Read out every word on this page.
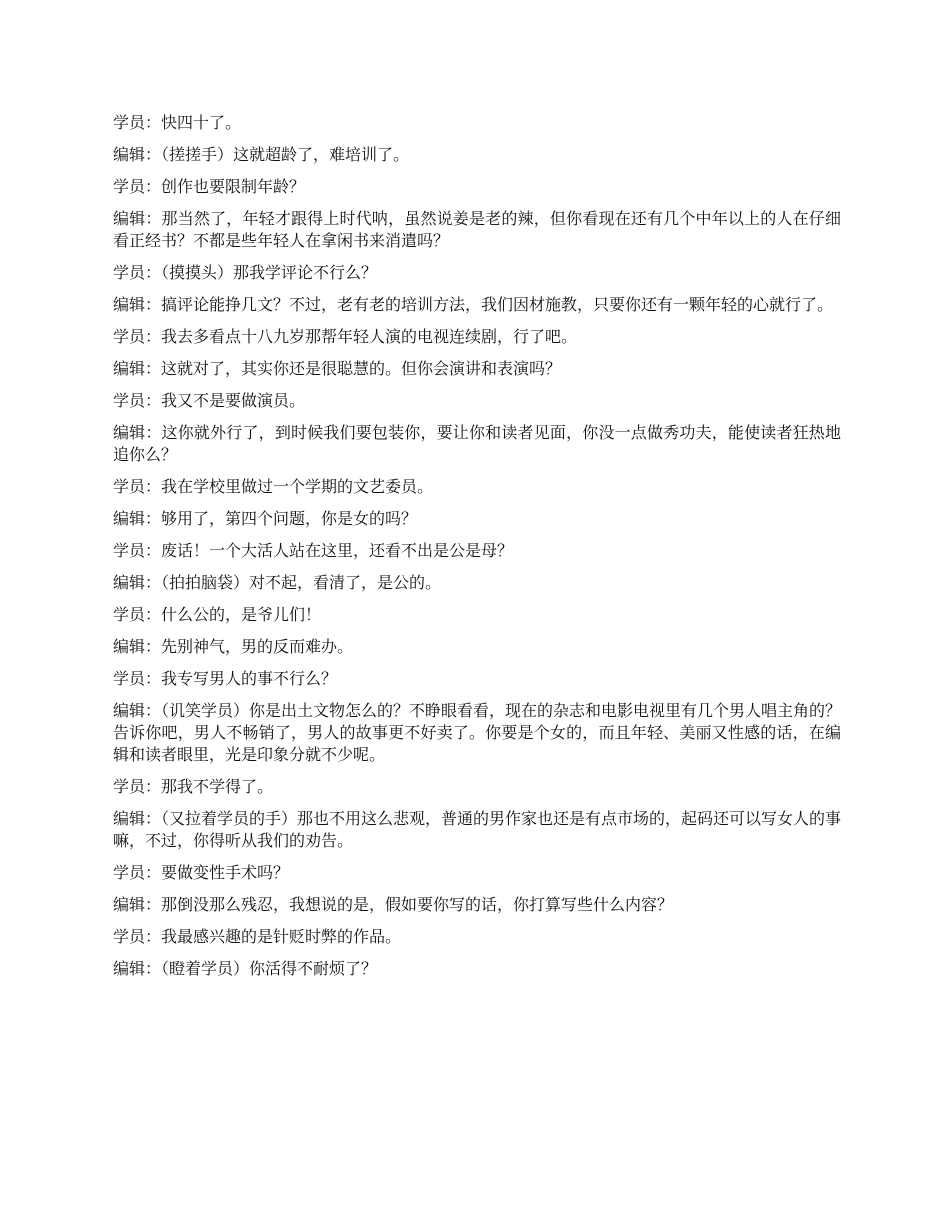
学员：快四十了。

编辑：（搓搓手）这就超龄了，难培训了。

学员：创作也要限制年龄？

编辑：那当然了，年轻才跟得上时代呐，虽然说姜是老的辣，但你看现在还有几个中年以上的人在仔细看正经书？不都是些年轻人在拿闲书来消遣吗？

学员：（摸摸头）那我学评论不行么？

编辑：搞评论能挣几文？不过，老有老的培训方法，我们因材施教，只要你还有一颗年轻的心就行了。

学员：我去多看点十八九岁那帮年轻人演的电视连续剧，行了吧。

编辑：这就对了，其实你还是很聪慧的。但你会演讲和表演吗？

学员：我又不是要做演员。

编辑：这你就外行了，到时候我们要包装你，要让你和读者见面，你没一点做秀功夫，能使读者狂热地追你么？

学员：我在学校里做过一个学期的文艺委员。

编辑：够用了，第四个问题，你是女的吗？

学员：废话！一个大活人站在这里，还看不出是公是母？

编辑：（拍拍脑袋）对不起，看清了，是公的。

学员：什么公的，是爷儿们！

编辑：先别神气，男的反而难办。

学员：我专写男人的事不行么？

编辑：（讥笑学员）你是出土文物怎么的？不睁眼看看，现在的杂志和电影电视里有几个男人唱主角的？告诉你吧，男人不畅销了，男人的故事更不好卖了。你要是个女的，而且年轻、美丽又性感的话，在编辑和读者眼里，光是印象分就不少呢。

学员：那我不学得了。

编辑：（又拉着学员的手）那也不用这么悲观，普通的男作家也还是有点市场的，起码还可以写女人的事嘛，不过，你得听从我们的劝告。

学员：要做变性手术吗？

编辑：那倒没那么残忍，我想说的是，假如要你写的话，你打算写些什么内容？

学员：我最感兴趣的是针贬时弊的作品。

编辑：（瞪着学员）你活得不耐烦了？
